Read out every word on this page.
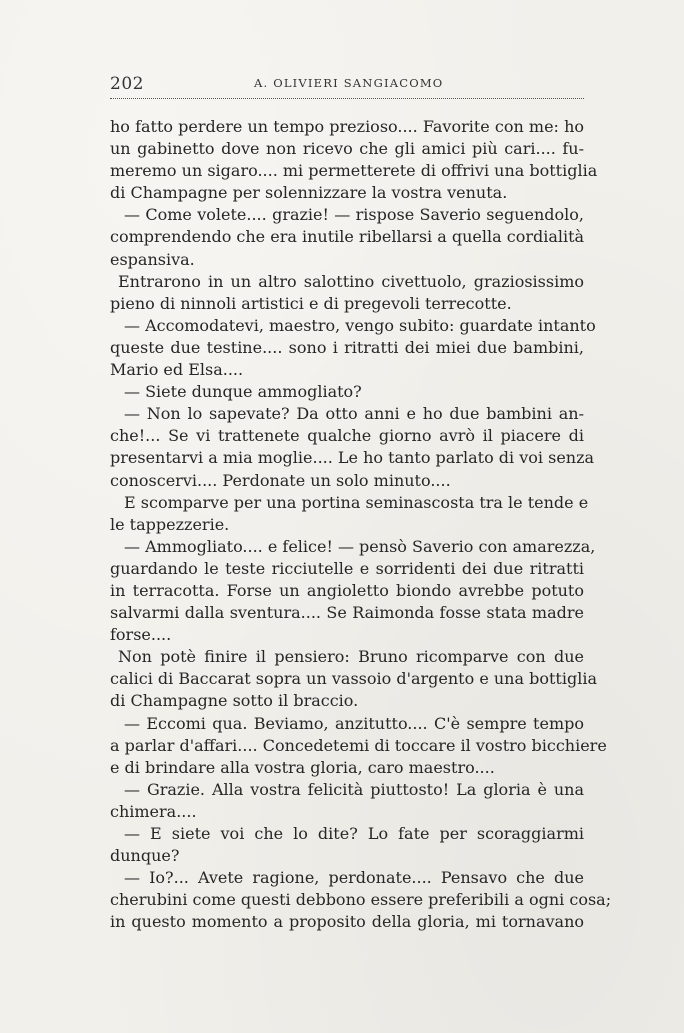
202	A. OLIVIERI SANGIACOMO
ho fatto perdere un tempo prezioso.... Favorite con me: ho
un gabinetto dove non ricevo che gli amici più cari.... fu-
meremo un sigaro.... mi permetterete di offrivi una bottiglia
di Champagne per solennizzare la vostra venuta.
— Come volete.... grazie! — rispose Saverio seguendolo,
comprendendo che era inutile ribellarsi a quella cordialità
espansiva.
Entrarono in un altro salottino civettuolo, graziosissimo
pieno di ninnoli artistici e di pregevoli terrecotte.
— Accomodatevi, maestro, vengo subito: guardate intanto
queste due testine.... sono i ritratti dei miei due bambini,
Mario ed Elsa....
— Siete dunque ammogliato?
— Non lo sapevate? Da otto anni e ho due bambini an-
che!... Se vi trattenete qualche giorno avrò il piacere di
presentarvi a mia moglie.... Le ho tanto parlato di voi senza
conoscervi.... Perdonate un solo minuto....
E scomparve per una portina seminascosta tra le tende e
le tappezzerie.
— Ammogliato.... e felice! — pensò Saverio con amarezza,
guardando le teste ricciutelle e sorridenti dei due ritratti
in terracotta. Forse un angioletto biondo avrebbe potuto
salvarmi dalla sventura.... Se Raimonda fosse stata madre
forse....
Non potè finire il pensiero: Bruno ricomparve con due
calici di Baccarat sopra un vassoio d'argento e una bottiglia
di Champagne sotto il braccio.
— Eccomi qua. Beviamo, anzitutto.... C'è sempre tempo
a parlar d'affari.... Concedetemi di toccare il vostro bicchiere
e di brindare alla vostra gloria, caro maestro....
— Grazie. Alla vostra felicità piuttosto! La gloria è una
chimera....
— E siete voi che lo dite? Lo fate per scoraggiarmi
dunque?
— Io?... Avete ragione, perdonate.... Pensavo che due
cherubini come questi debbono essere preferibili a ogni cosa;
in questo momento a proposito della gloria, mi tornavano
